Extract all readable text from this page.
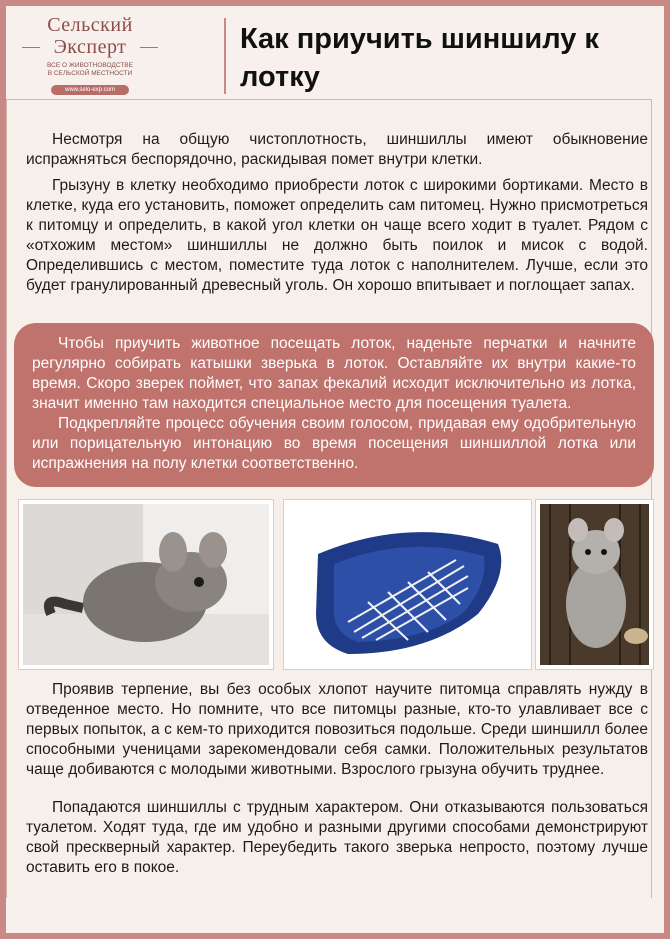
Сельский
Эксперт
ВСЕ О ЖИВОТНОВОДСТВЕ
В СЕЛЬСКОЙ МЕСТНОСТИ
www.selo-exp.com
Как приучить шиншилу к лотку

Несмотря на общую чистоплотность, шиншиллы имеют обыкновение испражняться беспорядочно, раскидывая помет внутри клетки.

Грызуну в клетку необходимо приобрести лоток с широкими бортиками. Место в клетке, куда его установить, поможет определить сам питомец. Нужно присмотреться к питомцу и определить, в какой угол клетки он чаще всего ходит в туалет. Рядом с «отхожим местом» шиншиллы не должно быть поилок и мисок с водой. Определившись с местом, поместите туда лоток с наполнителем. Лучше, если это будет гранулированный древесный уголь. Он хорошо впитывает и поглощает запах.

Чтобы приучить животное посещать лоток, наденьте перчатки и начните регулярно собирать катышки зверька в лоток. Оставляйте их внутри какие-то время. Скоро зверек поймет, что запах фекалий исходит исключительно из лотка, значит именно там находится специальное место для посещения туалета.

Подкрепляйте процесс обучения своим голосом, придавая ему одобрительную или порицательную интонацию во время посещения шиншиллой лотка или испражнения на полу клетки соответственно.

Проявив терпение, вы без особых хлопот научите питомца справлять нужду в отведенное место. Но помните, что все питомцы разные, кто-то улавливает все с первых попыток, а с кем-то приходится повозиться подольше. Среди шиншилл более способными ученицами зарекомендовали себя самки. Положительных результатов чаще добиваются с молодыми животными. Взрослого грызуна обучить труднее.

Попадаются шиншиллы с трудным характером. Они отказываются пользоваться туалетом. Ходят туда, где им удобно и разными другими способами демонстрируют свой прескверный характер. Переубедить такого зверька непросто, поэтому лучше оставить его в покое.
